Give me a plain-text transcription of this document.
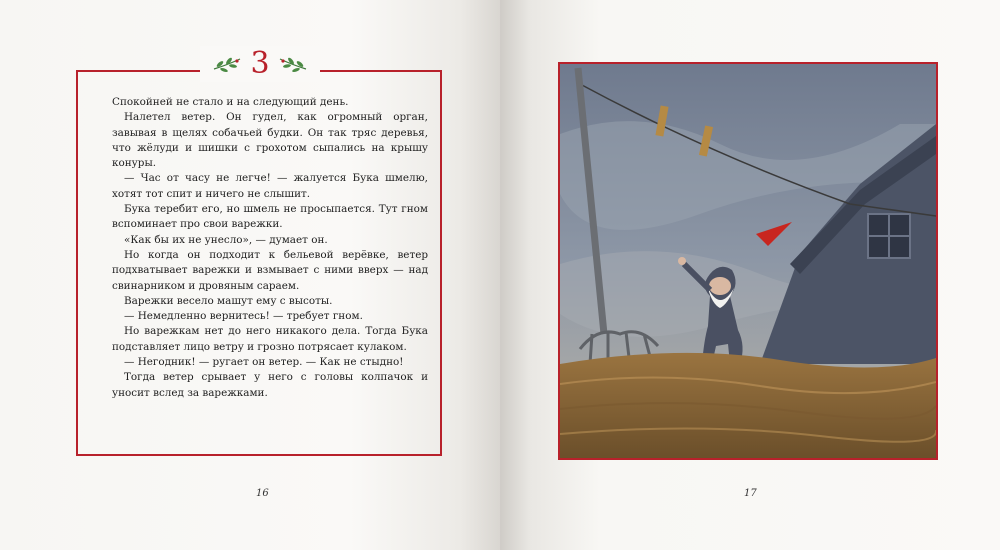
3

Спокойней не стало и на следующий день.

Налетел ветер. Он гудел, как огромный орган, завывая в щелях собачьей будки. Он так тряс деревья, что жёлуди и шишки с грохотом сыпались на крышу конуры.

— Час от часу не легче! — жалуется Бука шмелю, хотят тот спит и ничего не слышит.

Бука теребит его, но шмель не просыпается. Тут гном вспоминает про свои варежки.

«Как бы их не унесло», — думает он.

Но когда он подходит к бельевой верёвке, ветер подхватывает варежки и взмывает с ними вверх — над свинарником и дровяным сараем.

Варежки весело машут ему с высоты.

— Немедленно вернитесь! — требует гном.

Но варежкам нет до него никакого дела. Тогда Бука подставляет лицо ветру и грозно потрясает кулаком.

— Негодник! — ругает он ветер. — Как не стыдно!

Тогда ветер срывает у него с головы колпачок и уносит вслед за варежками.

16	17
